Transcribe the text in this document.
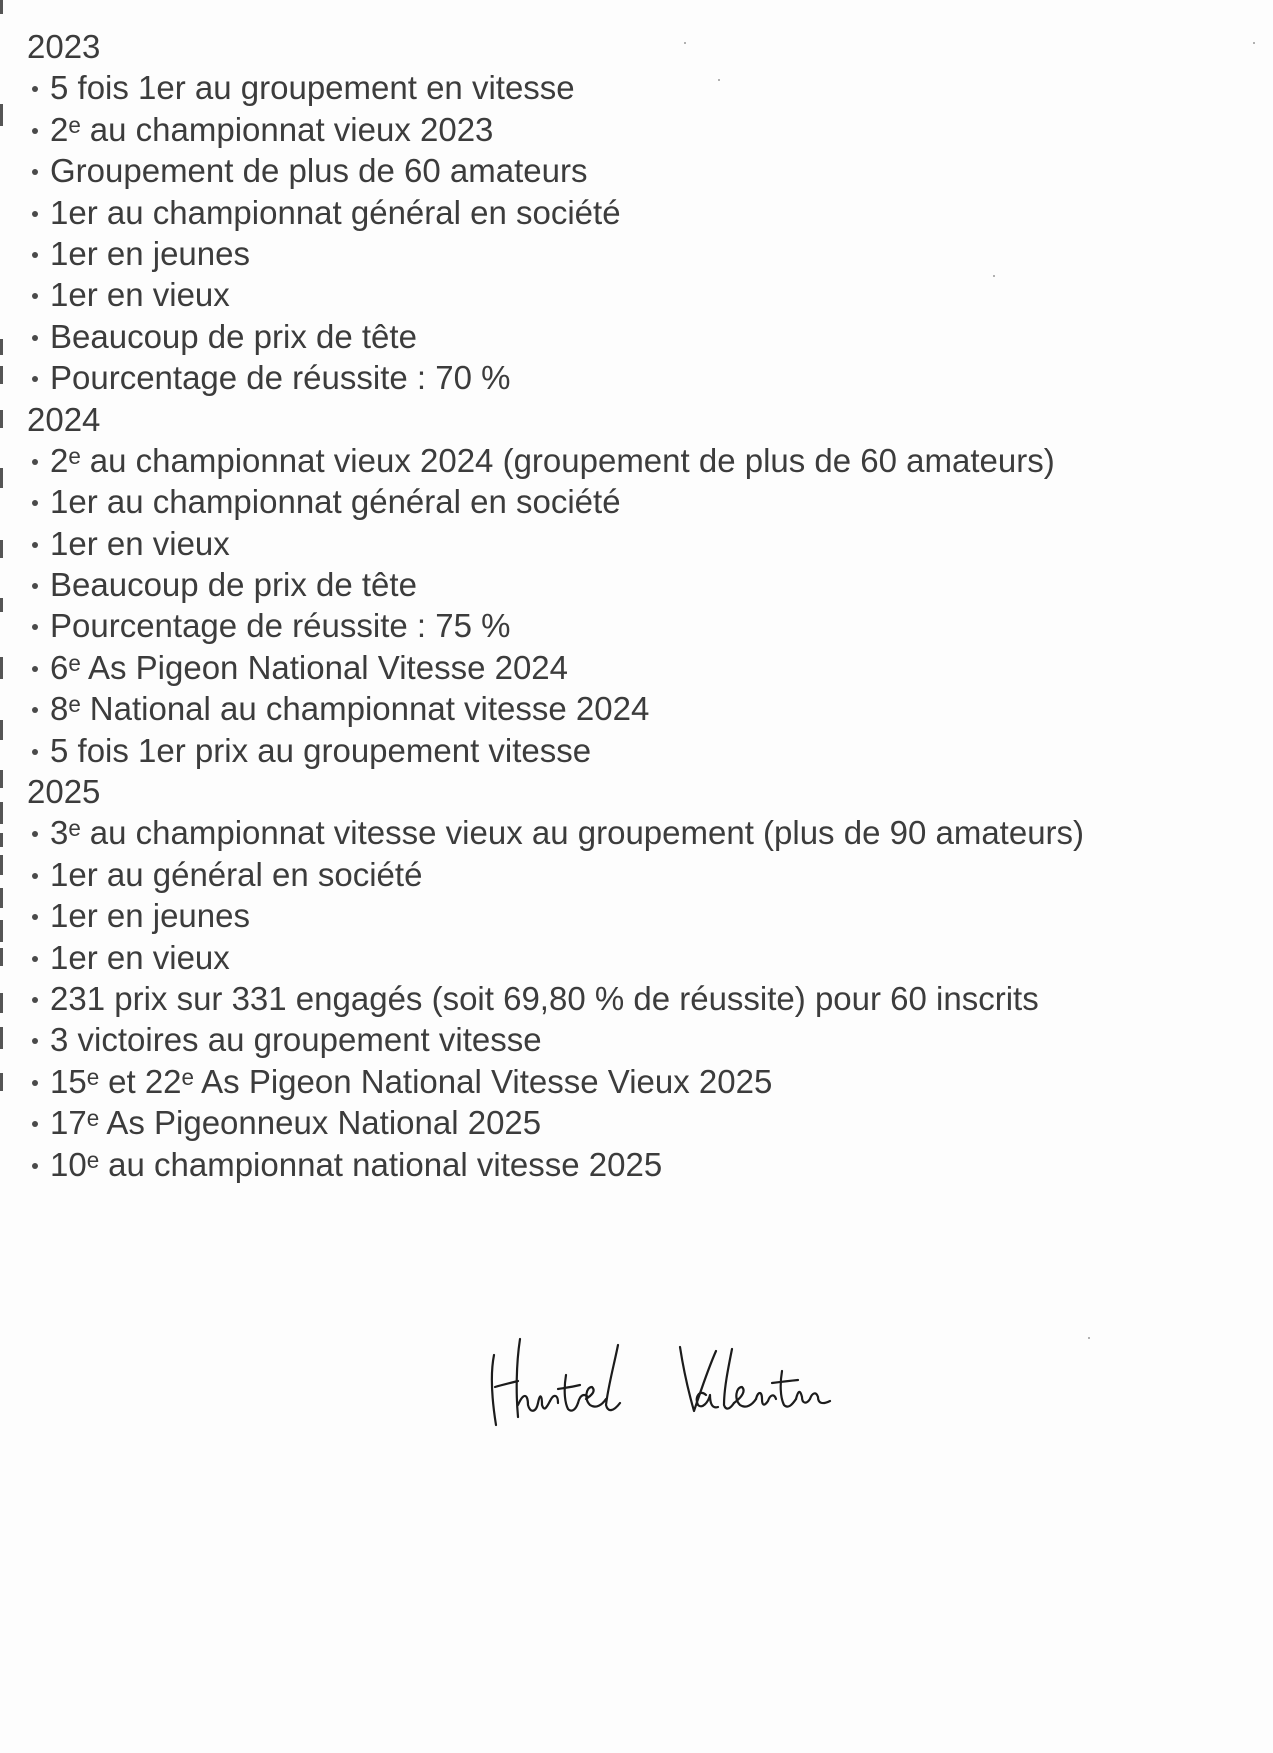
2023
5 fois 1er au groupement en vitesse
2ᵉ au championnat vieux 2023
Groupement de plus de 60 amateurs
1er au championnat général en société
1er en jeunes
1er en vieux
Beaucoup de prix de tête
Pourcentage de réussite : 70 %
2024
2ᵉ au championnat vieux 2024 (groupement de plus de 60 amateurs)
1er au championnat général en société
1er en vieux
Beaucoup de prix de tête
Pourcentage de réussite : 75 %
6ᵉ As Pigeon National Vitesse 2024
8ᵉ National au championnat vitesse 2024
5 fois 1er prix au groupement vitesse
2025
3ᵉ au championnat vitesse vieux au groupement (plus de 90 amateurs)
1er au général en société
1er en jeunes
1er en vieux
231 prix sur 331 engagés (soit 69,80 % de réussite) pour 60 inscrits
3 victoires au groupement vitesse
15ᵉ et 22ᵉ As Pigeon National Vitesse Vieux 2025
17ᵉ As Pigeonneux National 2025
10ᵉ au championnat national vitesse 2025
